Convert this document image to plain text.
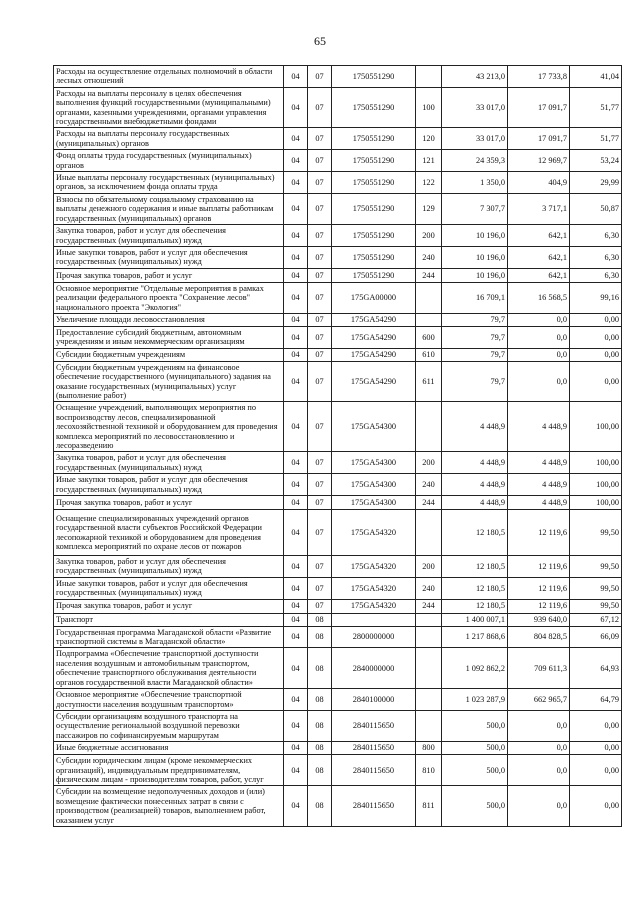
65
Расходы на осуществление отдельных полномочий в области лесных отношений	04	07	1750551290		43 213,0	17 733,8	41,04
Расходы на выплаты персоналу в целях обеспечения выполнения функций государственными (муниципальными) органами, казенными учреждениями, органами управления государственными внебюджетными фондами	04	07	1750551290	100	33 017,0	17 091,7	51,77
Расходы на выплаты персоналу государственных (муниципальных) органов	04	07	1750551290	120	33 017,0	17 091,7	51,77
Фонд оплаты труда государственных (муниципальных) органов	04	07	1750551290	121	24 359,3	12 969,7	53,24
Иные выплаты персоналу государственных (муниципальных) органов, за исключением фонда оплаты труда	04	07	1750551290	122	1 350,0	404,9	29,99
Взносы по обязательному социальному страхованию на выплаты денежного содержания и иные выплаты работникам государственных (муниципальных) органов	04	07	1750551290	129	7 307,7	3 717,1	50,87
Закупка товаров, работ и услуг для обеспечения государственных (муниципальных) нужд	04	07	1750551290	200	10 196,0	642,1	6,30
Иные закупки товаров, работ и услуг для обеспечения государственных (муниципальных) нужд	04	07	1750551290	240	10 196,0	642,1	6,30
Прочая закупка товаров, работ и услуг	04	07	1750551290	244	10 196,0	642,1	6,30
Основное мероприятие "Отдельные мероприятия в рамках реализации федерального проекта "Сохранение лесов" национального проекта "Экология"	04	07	175GA00000		16 709,1	16 568,5	99,16
Увеличение площади лесовосстановления	04	07	175GA54290		79,7	0,0	0,00
Предоставление субсидий бюджетным, автономным учреждениям и иным некоммерческим организациям	04	07	175GA54290	600	79,7	0,0	0,00
Субсидии бюджетным учреждениям	04	07	175GA54290	610	79,7	0,0	0,00
Субсидии бюджетным учреждениям на финансовое обеспечение государственного (муниципального) задания на оказание государственных (муниципальных) услуг (выполнение работ)	04	07	175GA54290	611	79,7	0,0	0,00
Оснащение учреждений, выполняющих мероприятия по воспроизводству лесов, специализированной лесохозяйственной техникой и оборудованием для проведения комплекса мероприятий по лесовосстановлению и лесоразведению	04	07	175GA54300		4 448,9	4 448,9	100,00
Закупка товаров, работ и услуг для обеспечения государственных (муниципальных) нужд	04	07	175GA54300	200	4 448,9	4 448,9	100,00
Иные закупки товаров, работ и услуг для обеспечения государственных (муниципальных) нужд	04	07	175GA54300	240	4 448,9	4 448,9	100,00
Прочая закупка товаров, работ и услуг	04	07	175GA54300	244	4 448,9	4 448,9	100,00
Оснащение специализированных учреждений органов государственной власти субъектов Российской Федерации лесопожарной техникой и оборудованием для проведения комплекса мероприятий по охране лесов от пожаров	04	07	175GA54320		12 180,5	12 119,6	99,50
Закупка товаров, работ и услуг для обеспечения государственных (муниципальных) нужд	04	07	175GA54320	200	12 180,5	12 119,6	99,50
Иные закупки товаров, работ и услуг для обеспечения государственных (муниципальных) нужд	04	07	175GA54320	240	12 180,5	12 119,6	99,50
Прочая закупка товаров, работ и услуг	04	07	175GA54320	244	12 180,5	12 119,6	99,50
Транспорт	04	08			1 400 007,1	939 640,0	67,12
Государственная программа Магаданской области «Развитие транспортной системы в Магаданской области»	04	08	2800000000		1 217 868,6	804 828,5	66,09
Подпрограмма «Обеспечение транспортной доступности населения воздушным и автомобильным транспортом, обеспечение транспортного обслуживания деятельности органов государственной власти Магаданской области»	04	08	2840000000		1 092 862,2	709 611,3	64,93
Основное мероприятие «Обеспечение транспортной доступности населения воздушным транспортом»	04	08	2840100000		1 023 287,9	662 965,7	64,79
Субсидии организациям воздушного транспорта на осуществление региональной воздушной перевозки пассажиров по софинансируемым маршрутам	04	08	2840115650		500,0	0,0	0,00
Иные бюджетные ассигнования	04	08	2840115650	800	500,0	0,0	0,00
Субсидии юридическим лицам (кроме некоммерческих организаций), индивидуальным предпринимателям, физическим лицам - производителям товаров, работ, услуг	04	08	2840115650	810	500,0	0,0	0,00
Субсидии на возмещение недополученных доходов и (или) возмещение фактически понесенных затрат в связи с производством (реализацией) товаров, выполнением работ, оказанием услуг	04	08	2840115650	811	500,0	0,0	0,00
